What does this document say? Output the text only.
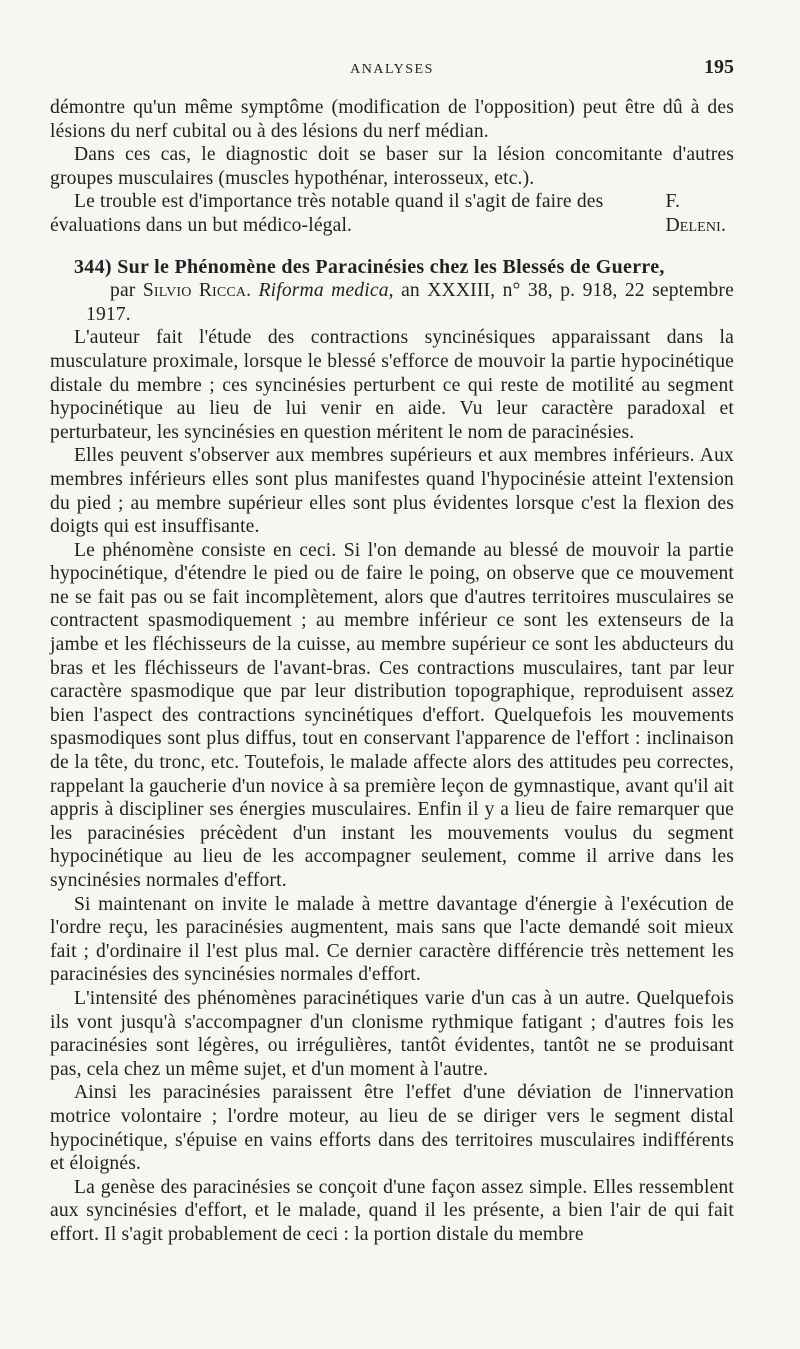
ANALYSES	195

démontre qu'un même symptôme (modification de l'opposition) peut être dû à des lésions du nerf cubital ou à des lésions du nerf médian.

Dans ces cas, le diagnostic doit se baser sur la lésion concomitante d'autres groupes musculaires (muscles hypothénar, interosseux, etc.).

Le trouble est d'importance très notable quand il s'agit de faire des évaluations dans un but médico-légal.

F. Deleni.

344) Sur le Phénomène des Paracinésies chez les Blessés de Guerre,

par Silvio Ricca. Riforma medica, an XXXIII, n° 38, p. 918, 22 septembre 1917.

L'auteur fait l'étude des contractions syncinésiques apparaissant dans la musculature proximale, lorsque le blessé s'efforce de mouvoir la partie hypocinétique distale du membre ; ces syncinésies perturbent ce qui reste de motilité au segment hypocinétique au lieu de lui venir en aide. Vu leur caractère paradoxal et perturbateur, les syncinésies en question méritent le nom de paracinésies.

Elles peuvent s'observer aux membres supérieurs et aux membres inférieurs. Aux membres inférieurs elles sont plus manifestes quand l'hypocinésie atteint l'extension du pied ; au membre supérieur elles sont plus évidentes lorsque c'est la flexion des doigts qui est insuffisante.

Le phénomène consiste en ceci. Si l'on demande au blessé de mouvoir la partie hypocinétique, d'étendre le pied ou de faire le poing, on observe que ce mouvement ne se fait pas ou se fait incomplètement, alors que d'autres territoires musculaires se contractent spasmodiquement ; au membre inférieur ce sont les extenseurs de la jambe et les fléchisseurs de la cuisse, au membre supérieur ce sont les abducteurs du bras et les fléchisseurs de l'avant-bras. Ces contractions musculaires, tant par leur caractère spasmodique que par leur distribution topographique, reproduisent assez bien l'aspect des contractions syncinétiques d'effort. Quelquefois les mouvements spasmodiques sont plus diffus, tout en conservant l'apparence de l'effort : inclinaison de la tête, du tronc, etc. Toutefois, le malade affecte alors des attitudes peu correctes, rappelant la gaucherie d'un novice à sa première leçon de gymnastique, avant qu'il ait appris à discipliner ses énergies musculaires. Enfin il y a lieu de faire remarquer que les paracinésies précèdent d'un instant les mouvements voulus du segment hypocinétique au lieu de les accompagner seulement, comme il arrive dans les syncinésies normales d'effort.

Si maintenant on invite le malade à mettre davantage d'énergie à l'exécution de l'ordre reçu, les paracinésies augmentent, mais sans que l'acte demandé soit mieux fait ; d'ordinaire il l'est plus mal. Ce dernier caractère différencie très nettement les paracinésies des syncinésies normales d'effort.

L'intensité des phénomènes paracinétiques varie d'un cas à un autre. Quelquefois ils vont jusqu'à s'accompagner d'un clonisme rythmique fatigant ; d'autres fois les paracinésies sont légères, ou irrégulières, tantôt évidentes, tantôt ne se produisant pas, cela chez un même sujet, et d'un moment à l'autre.

Ainsi les paracinésies paraissent être l'effet d'une déviation de l'innervation motrice volontaire ; l'ordre moteur, au lieu de se diriger vers le segment distal hypocinétique, s'épuise en vains efforts dans des territoires musculaires indifférents et éloignés.

La genèse des paracinésies se conçoit d'une façon assez simple. Elles ressemblent aux syncinésies d'effort, et le malade, quand il les présente, a bien l'air de qui fait effort. Il s'agit probablement de ceci : la portion distale du membre
